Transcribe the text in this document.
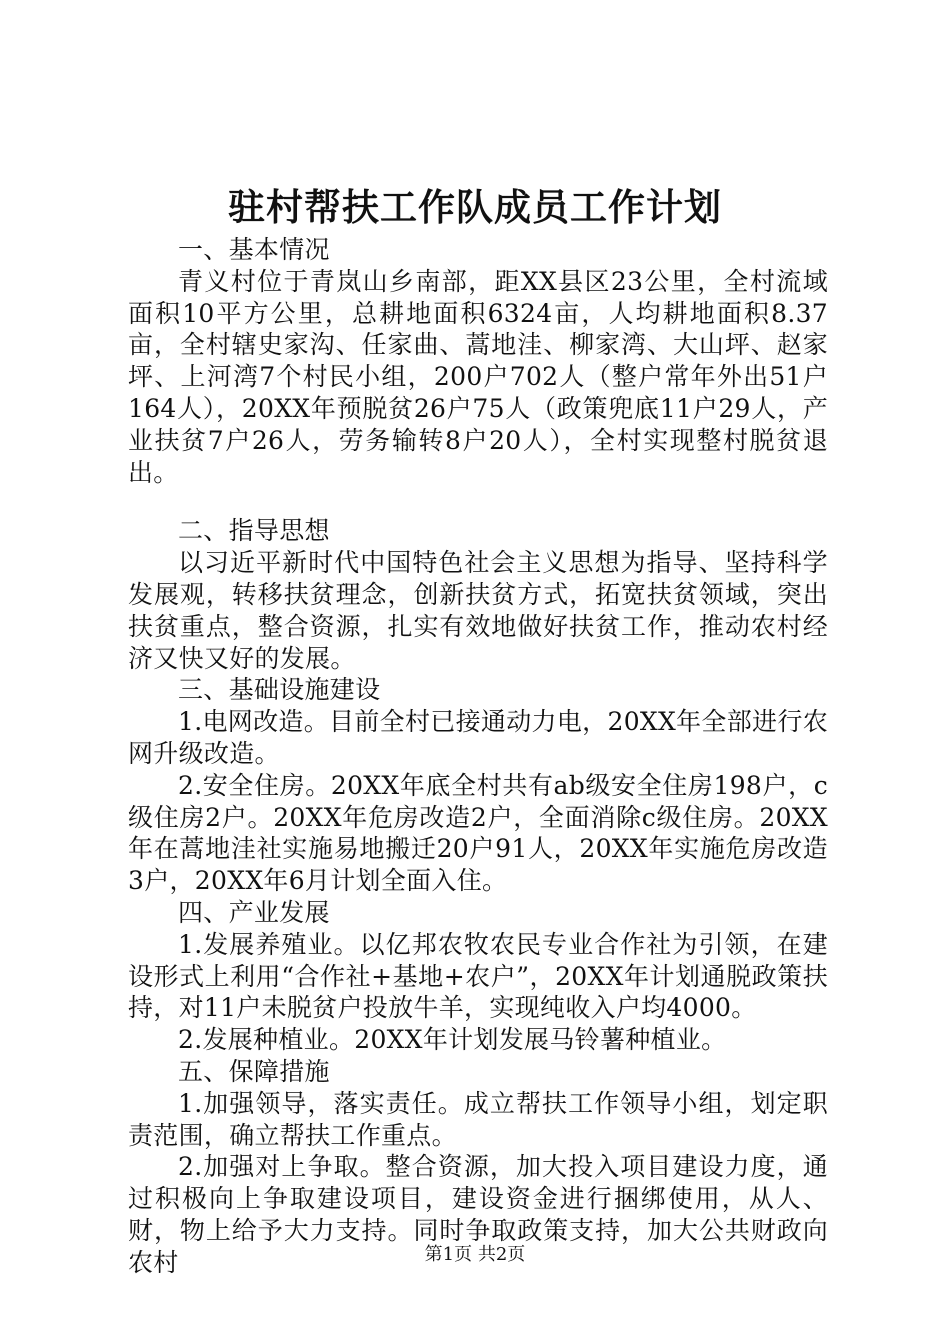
驻村帮扶工作队成员工作计划

一、基本情况

青义村位于青岚山乡南部，距XX县区23公里，全村流域面积10平方公里，总耕地面积6324亩，人均耕地面积8.37亩，全村辖史家沟、任家曲、蒿地洼、柳家湾、大山坪、赵家坪、上河湾7个村民小组，200户702人（整户常年外出51户164人），20XX年预脱贫26户75人（政策兜底11户29人，产业扶贫7户26人，劳务输转8户20人），全村实现整村脱贫退出。

二、指导思想

以习近平新时代中国特色社会主义思想为指导、坚持科学发展观，转移扶贫理念，创新扶贫方式，拓宽扶贫领域，突出扶贫重点，整合资源，扎实有效地做好扶贫工作，推动农村经济又快又好的发展。

三、基础设施建设

1.电网改造。目前全村已接通动力电，20XX年全部进行农网升级改造。

2.安全住房。20XX年底全村共有ab级安全住房198户，c级住房2户。20XX年危房改造2户，全面消除c级住房。20XX年在蒿地洼社实施易地搬迁20户91人，20XX年实施危房改造3户，20XX年6月计划全面入住。

四、产业发展

1.发展养殖业。以亿邦农牧农民专业合作社为引领，在建设形式上利用“合作社+基地+农户”，20XX年计划通脱政策扶持，对11户未脱贫户投放牛羊，实现纯收入户均4000。

2.发展种植业。20XX年计划发展马铃薯种植业。

五、保障措施

1.加强领导，落实责任。成立帮扶工作领导小组，划定职责范围，确立帮扶工作重点。

2.加强对上争取。整合资源，加大投入项目建设力度，通过积极向上争取建设项目，建设资金进行捆绑使用，从人、财，物上给予大力支持。同时争取政策支持，加大公共财政向农村	第1页 共2页
